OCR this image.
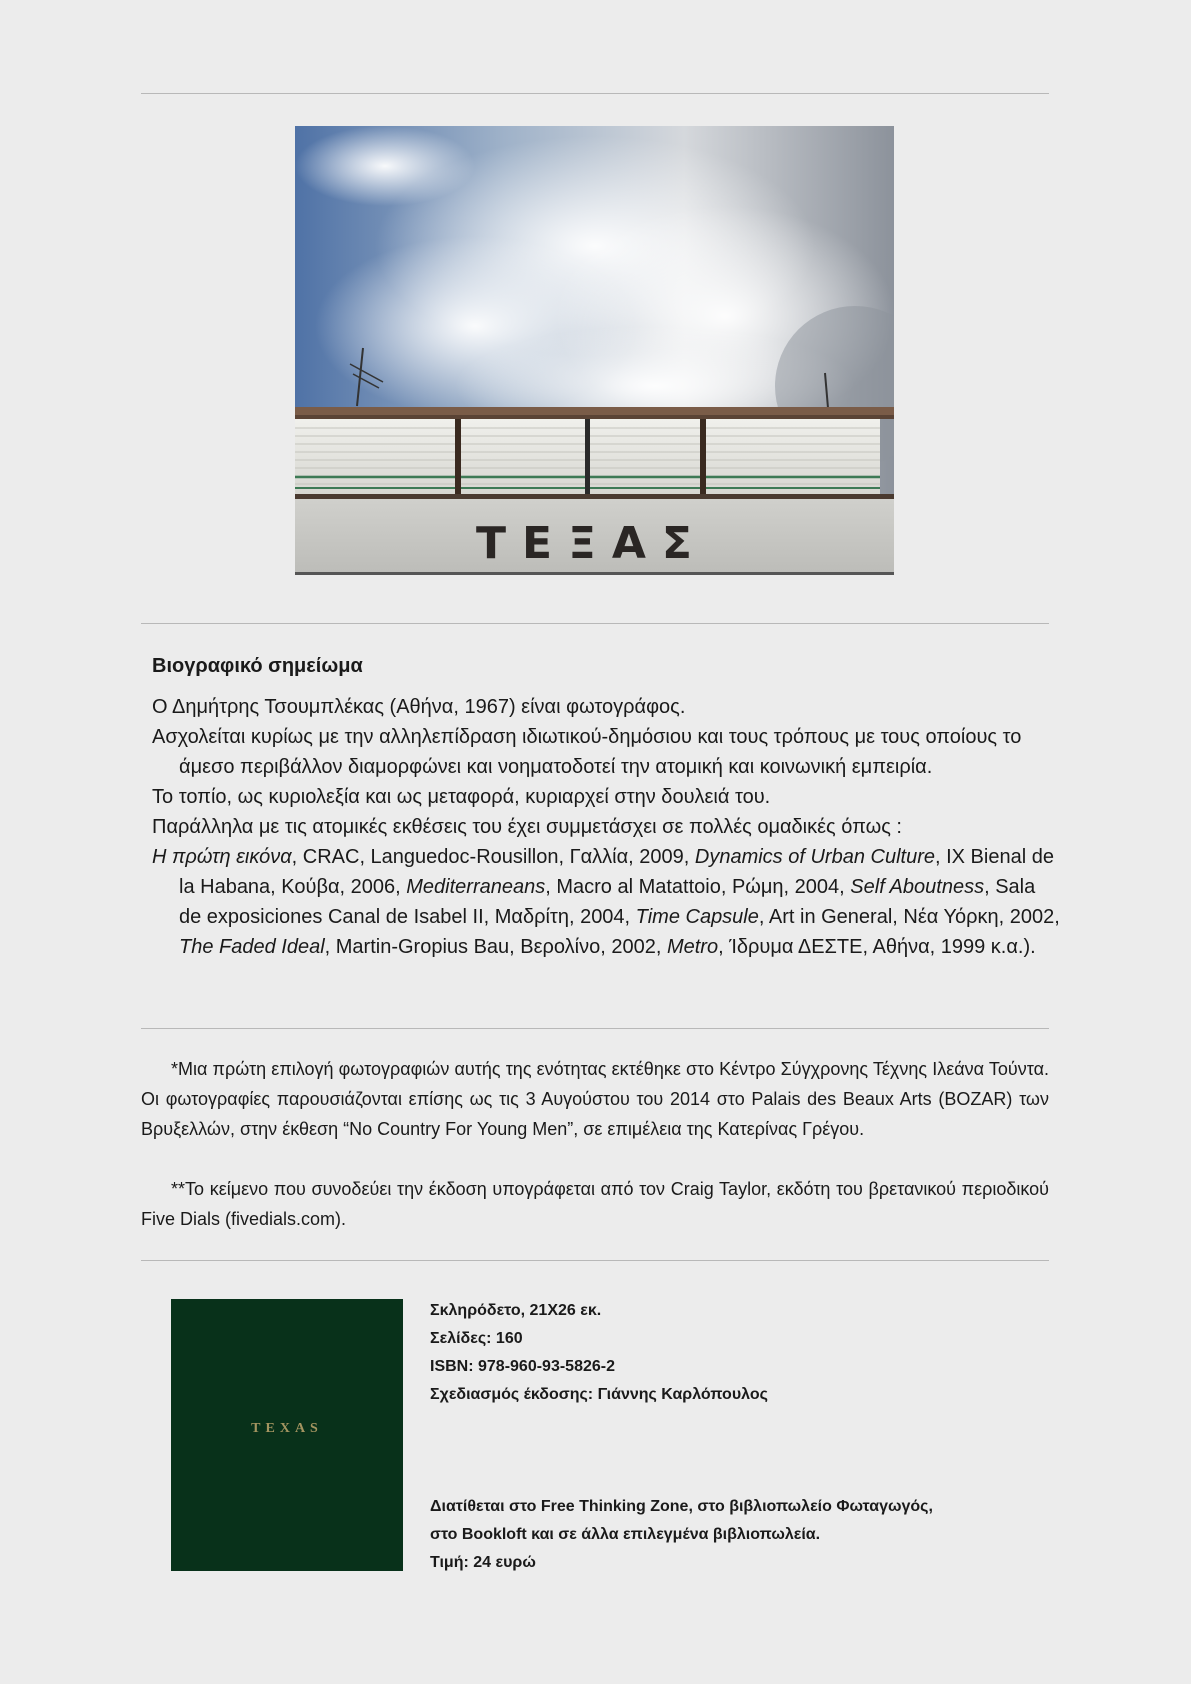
ΤΕΞΑΣ
Βιογραφικό σημείωμα

Ο Δημήτρης Τσουμπλέκας (Αθήνα, 1967) είναι φωτογράφος.

Ασχολείται κυρίως με την αλληλεπίδραση ιδιωτικού-δημόσιου και τους τρόπους με τους οποίους το άμεσο περιβάλλον διαμορφώνει και νοηματοδοτεί την ατομική και κοινωνική εμπειρία.

Το τοπίο, ως κυριολεξία και ως μεταφορά, κυριαρχεί στην δουλειά του.

Παράλληλα με τις ατομικές εκθέσεις του έχει συμμετάσχει σε πολλές ομαδικές όπως :

Η πρώτη εικόνα, CRAC, Languedoc-Rousillon, Γαλλία, 2009, Dynamics of Urban Culture, IX Bienal de la Habana, Κούβα, 2006, Mediterraneans, Macro al Matattoio, Ρώμη, 2004, Self Aboutness, Sala de exposiciones Canal de Isabel II, Μαδρίτη, 2004, Time Capsule, Art in General, Νέα Υόρκη, 2002, The Faded Ideal, Martin-Gropius Bau, Βερολίνο, 2002, Metro, Ίδρυμα ΔΕΣΤΕ, Αθήνα, 1999 κ.α.).

*Μια πρώτη επιλογή φωτογραφιών αυτής της ενότητας εκτέθηκε στο Κέντρο Σύγχρονης Τέχνης Ιλεάνα Τούντα. Οι φωτογραφίες παρουσιάζονται επίσης ως τις 3 Αυγούστου του 2014 στο Palais des Beaux Arts (BOZAR) των Βρυξελλών, στην έκθεση “No Country For Young Men”, σε επιμέλεια της Κατερίνας Γρέγου.

**Το κείμενο που συνοδεύει την έκδοση υπογράφεται από τον Craig Taylor, εκδότη του βρετανικού περιοδικού Five Dials (fivedials.com).

TEXAS
Σκληρόδετο, 21Χ26 εκ.
Σελίδες: 160
ISBN: 978-960-93-5826-2
Σχεδιασμός έκδοσης: Γιάννης Καρλόπουλος
Διατίθεται στο Free Thinking Zone, στο βιβλιοπωλείο Φωταγωγός,
στο Bookloft και σε άλλα επιλεγμένα βιβλιοπωλεία.
Τιμή: 24 ευρώ
